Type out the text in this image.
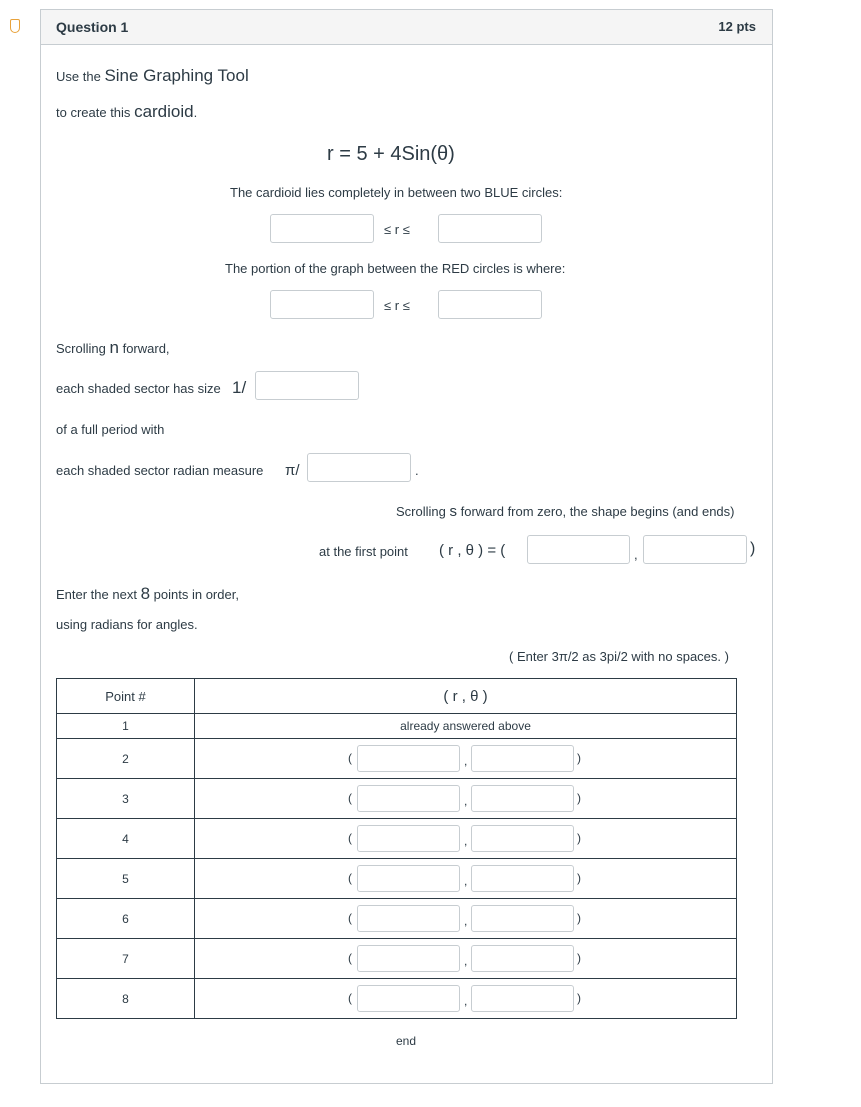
Question 1	12 pts
Use the Sine Graphing Tool
to create this cardioid.
r = 5 + 4Sin(θ)
The cardioid lies completely in between two BLUE circles:
≤ r ≤
The portion of the graph between the RED circles is where:
≤ r ≤
Scrolling n forward,
each shaded sector has size 1/
of a full period with
each shaded sector radian measure π/	.
Scrolling s forward from zero, the shape begins (and ends)
at the first point ( r , θ ) = (	,	)
Enter the next 8 points in order,
using radians for angles.
( Enter 3π/2 as 3pi/2 with no spaces. )
Point #	( r , θ )
1	already answered above
2	( , )

3	( , )

4	( , )

5	( , )

6	( , )

7	( , )

8	( , )
end
